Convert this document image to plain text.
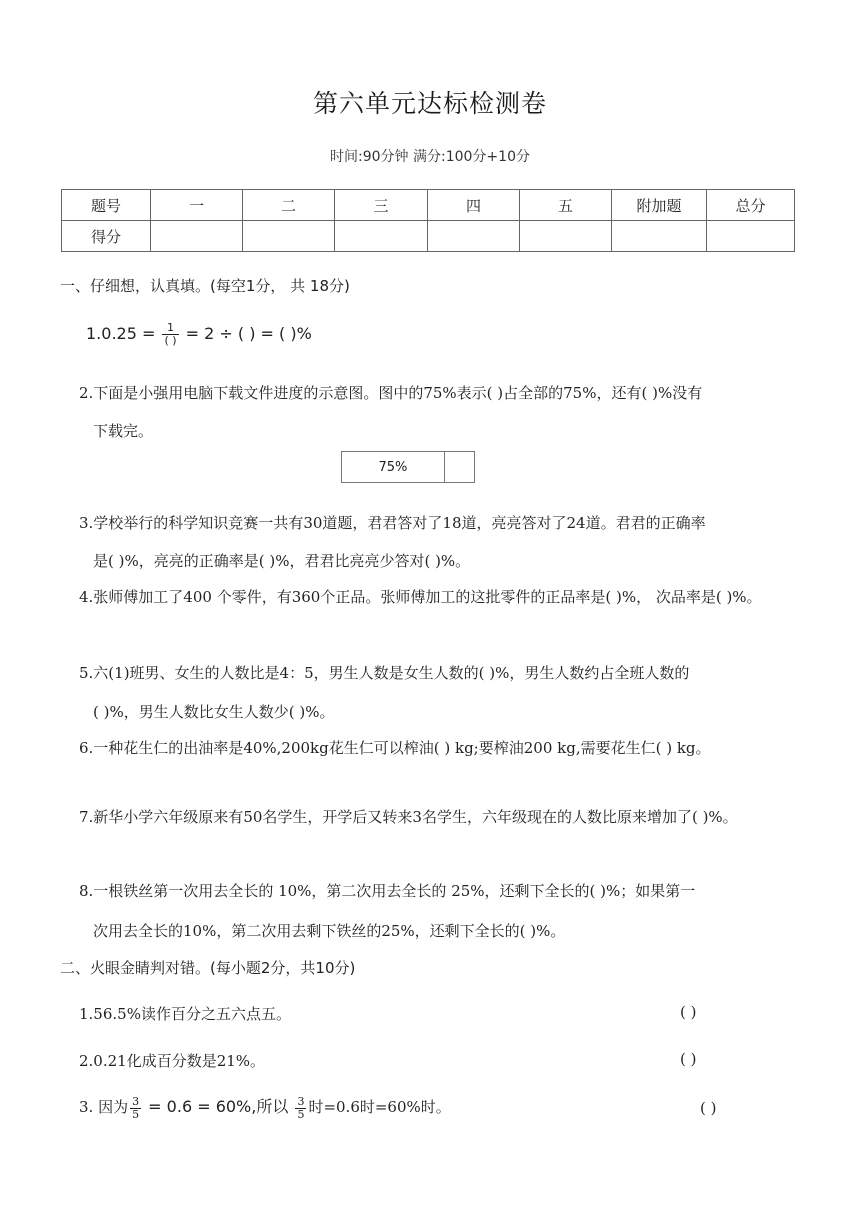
第六单元达标检测卷
时间:90分钟 满分:100分+10分
题号	一	二	三	四	五	附加题	总分
得分							
一、仔细想，认真填。(每空1分， 共 18分)
$1.0.25 = \frac{1}{( )} = 2$ ÷ ( ) = ( )%
2.下面是小强用电脑下载文件进度的示意图。图中的75%表示( )占全部的75%，还有( )%没有
下载完。
75%
3.学校举行的科学知识竞赛一共有30道题，君君答对了18道，亮亮答对了24道。君君的正确率
是( )%，亮亮的正确率是( )%，君君比亮亮少答对( )%。
4.张师傅加工了400 个零件，有360个正品。张师傅加工的这批零件的正品率是( )%， 次品率是( )%。
5.六(1)班男、女生的人数比是4：5，男生人数是女生人数的( )%，男生人数约占全班人数的
( )%，男生人数比女生人数少( )%。
6.一种花生仁的出油率是40%,200kg花生仁可以榨油( ) kg;要榨油200 kg,需要花生仁( ) kg。
7.新华小学六年级原来有50名学生，开学后又转来3名学生，六年级现在的人数比原来增加了( )%。
8.一根铁丝第一次用去全长的 10%，第二次用去全长的 25%，还剩下全长的( )%；如果第一
次用去全长的10%，第二次用去剩下铁丝的25%，还剩下全长的( )%。
二、火眼金睛判对错。(每小题2分，共10分)
1.56.5%读作百分之五六点五。	( )
2.0.21化成百分数是21%。	( )
3. 因为 $\frac{3}{5} = 0.6 = 60\%$,所以 $\frac{3}{5}$ 时=0.6时=60%时。	( )
